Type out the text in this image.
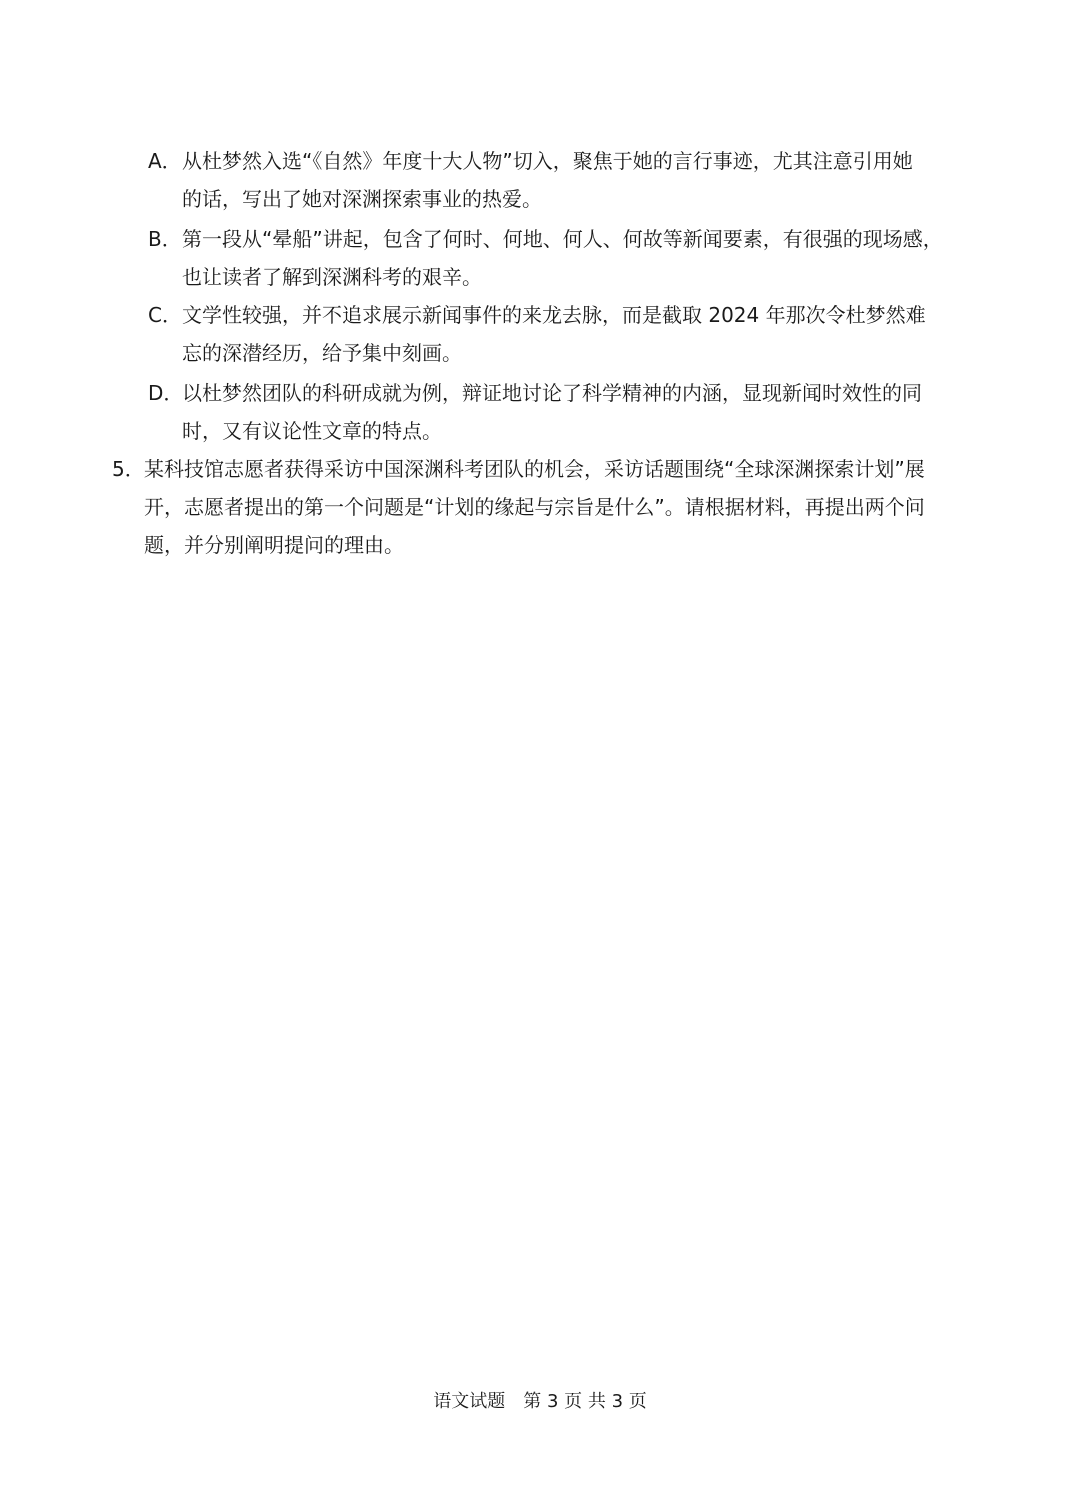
A． 从杜梦然入选“《自然》年度十大人物”切入，聚焦于她的言行事迹，尤其注意引用她
的话，写出了她对深渊探索事业的热爱。
B． 第一段从“晕船”讲起，包含了何时、何地、何人、何故等新闻要素，有很强的现场感，
也让读者了解到深渊科考的艰辛。
C． 文学性较强，并不追求展示新闻事件的来龙去脉，而是截取 2024 年那次令杜梦然难
忘的深潜经历，给予集中刻画。
D．
以杜梦然团队的科研成就为例，辩证地讨论了科学精神的内涵，显现新闻时效性的同
时，又有议论性文章的特点。
5． 某科技馆志愿者获得采访中国深渊科考团队的机会，采访话题围绕“全球深渊探索计划”展
开，志愿者提出的第一个问题是“计划的缘起与宗旨是什么”。请根据材料，再提出两个问
题，并分别阐明提问的理由。
语文试题　第 3 页 共 3 页
